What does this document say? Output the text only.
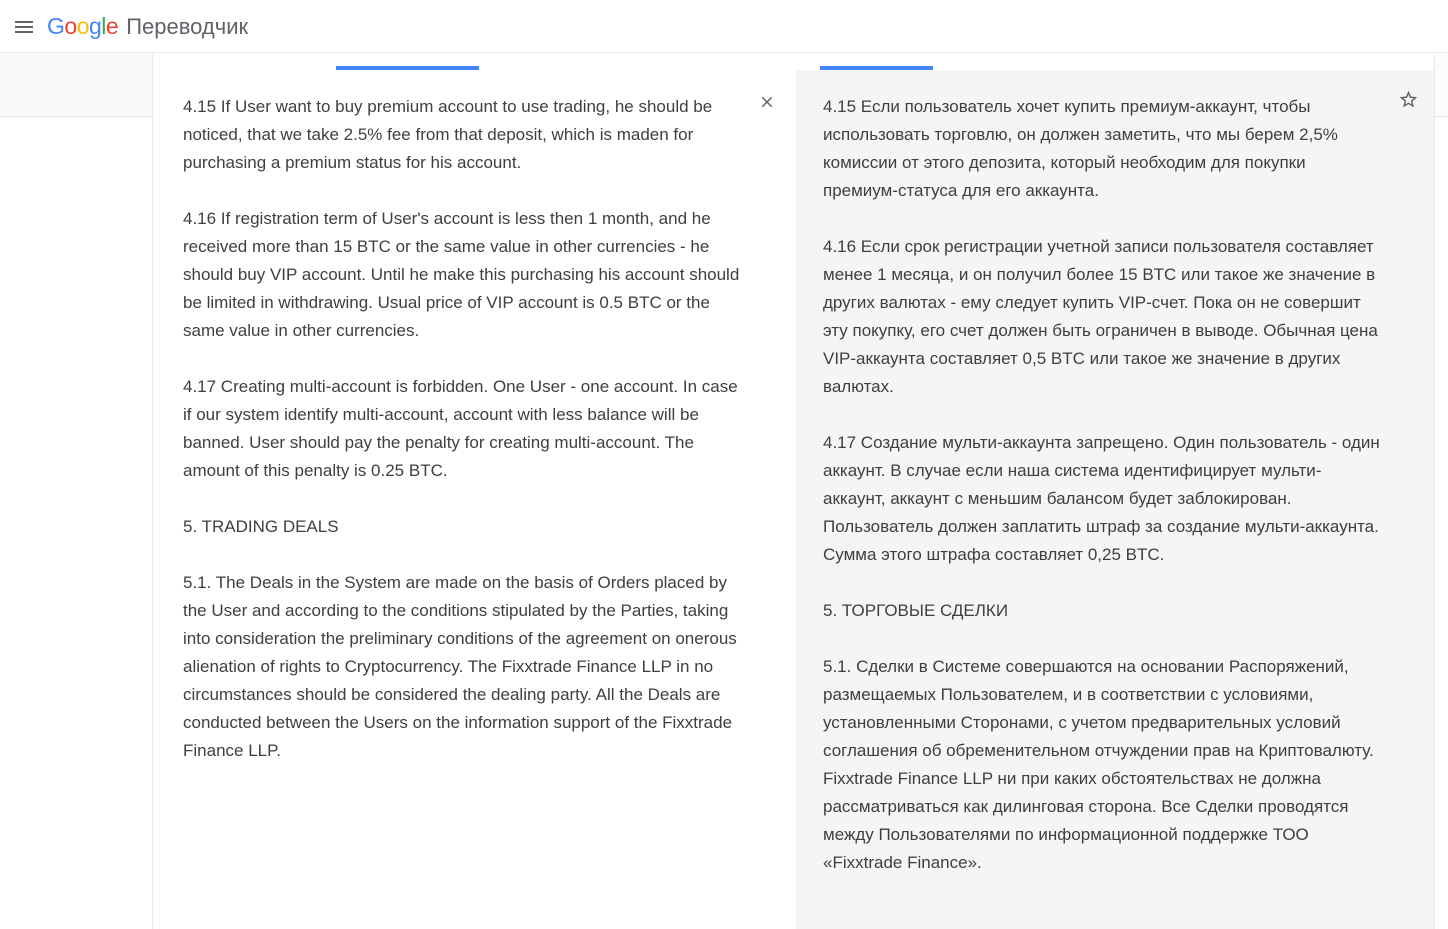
Google Переводчик

4.15 If User want to buy premium account to use trading, he should be noticed, that we take 2.5% fee from that deposit, which is maden for purchasing a premium status for his account.

4.16 If registration term of User's account is less then 1 month, and he received more than 15 BTC or the same value in other currencies - he should buy VIP account. Until he make this purchasing his account should be limited in withdrawing. Usual price of VIP account is 0.5 BTC or the same value in other currencies.

4.17 Creating multi-account is forbidden. One User - one account. In case if our system identify multi-account, account with less balance will be banned. User should pay the penalty for creating multi-account. The amount of this penalty is 0.25 BTC.

5. TRADING DEALS

5.1. The Deals in the System are made on the basis of Orders placed by the User and according to the conditions stipulated by the Parties, taking into consideration the preliminary conditions of the agreement on onerous alienation of rights to Cryptocurrency. The Fixxtrade Finance LLP in no circumstances should be considered the dealing party. All the Deals are conducted between the Users on the information support of the Fixxtrade Finance LLP.

4.15 Если пользователь хочет купить премиум-аккаунт, чтобы использовать торговлю, он должен заметить, что мы берем 2,5% комиссии от этого депозита, который необходим для покупки премиум-статуса для его аккаунта.

4.16 Если срок регистрации учетной записи пользователя составляет менее 1 месяца, и он получил более 15 BTC или такое же значение в других валютах - ему следует купить VIP-счет. Пока он не совершит эту покупку, его счет должен быть ограничен в выводе. Обычная цена VIP-аккаунта составляет 0,5 BTC или такое же значение в других валютах.

4.17 Создание мульти-аккаунта запрещено. Один пользователь - один аккаунт. В случае если наша система идентифицирует мульти-аккаунт, аккаунт с меньшим балансом будет заблокирован. Пользователь должен заплатить штраф за создание мульти-аккаунта. Сумма этого штрафа составляет 0,25 BTC.

5. ТОРГОВЫЕ СДЕЛКИ

5.1. Сделки в Системе совершаются на основании Распоряжений, размещаемых Пользователем, и в соответствии с условиями, установленными Сторонами, с учетом предварительных условий соглашения об обременительном отчуждении прав на Криптовалюту. Fixxtrade Finance LLP ни при каких обстоятельствах не должна рассматриваться как дилинговая сторона. Все Сделки проводятся между Пользователями по информационной поддержке ТОО «Fixxtrade Finance».
